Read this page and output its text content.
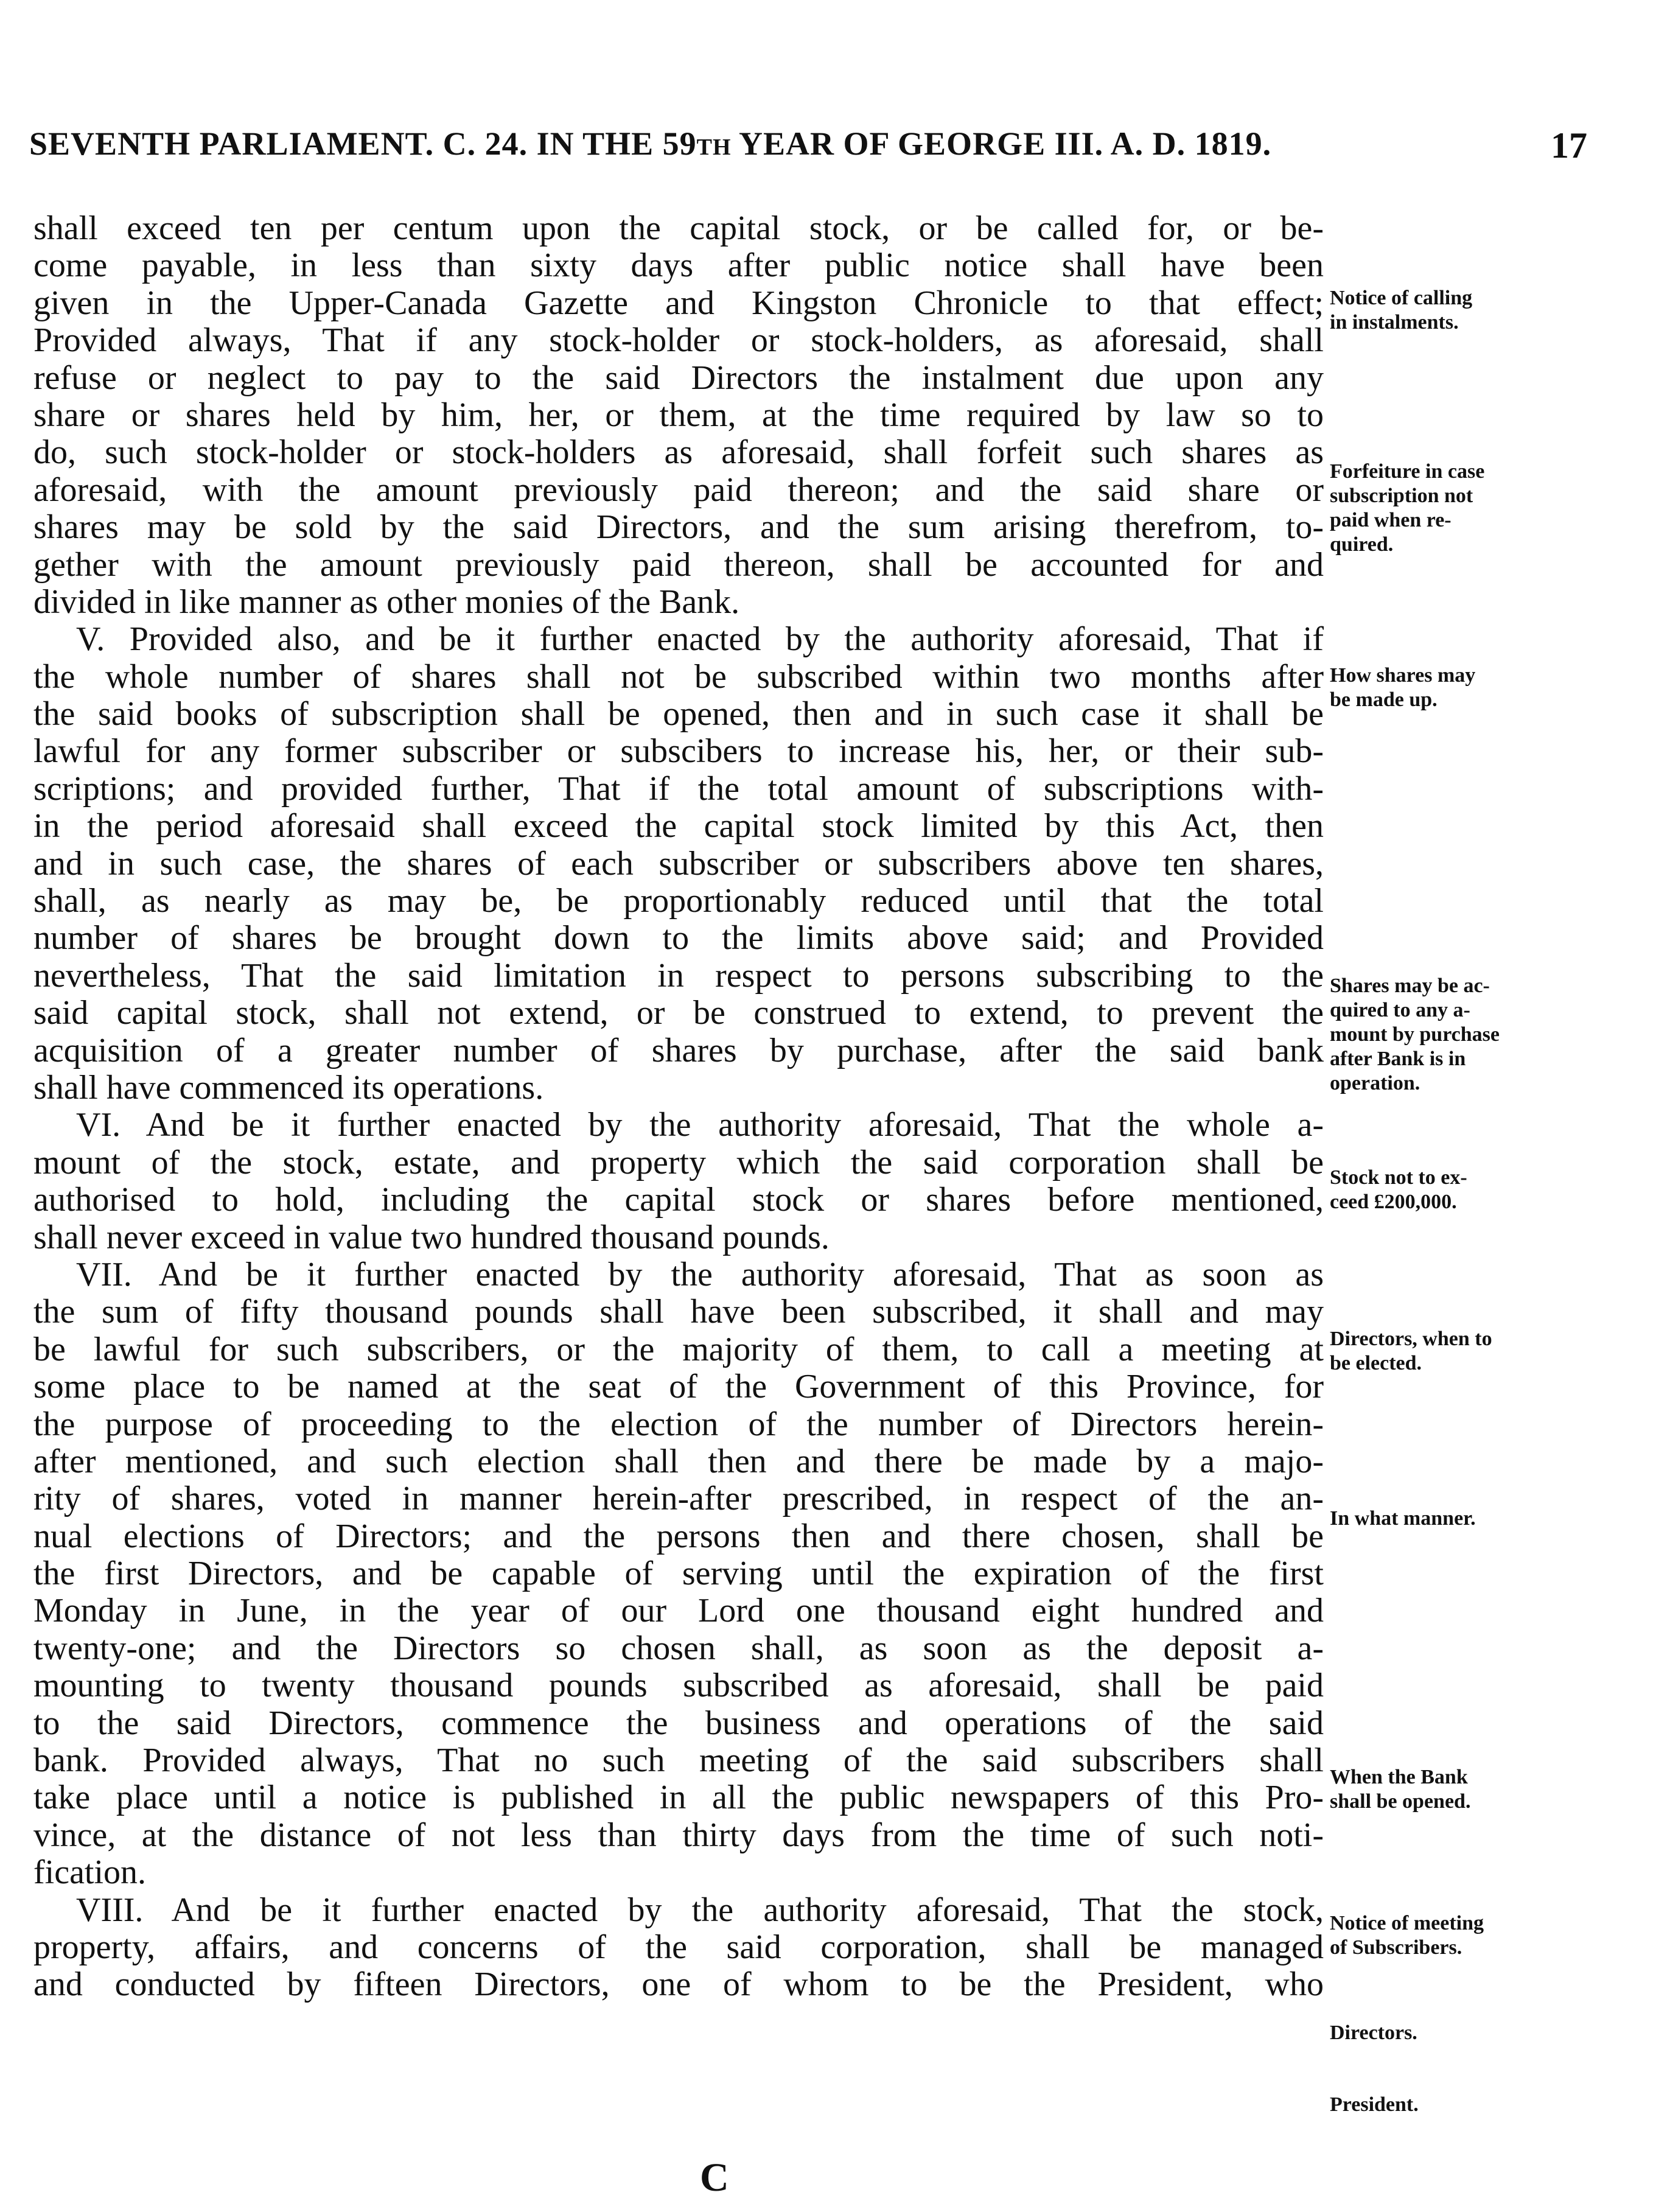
SEVENTH PARLIAMENT. C. 24. IN THE 59th YEAR OF GEORGE III. A. D. 1819.	17
shall exceed ten per centum upon the capital stock, or be called for, or be-
come payable, in less than sixty days after public notice shall have been
given in the Upper-Canada Gazette and Kingston Chronicle to that effect;
Provided always, That if any stock-holder or stock-holders, as aforesaid, shall
refuse or neglect to pay to the said Directors the instalment due upon any
share or shares held by him, her, or them, at the time required by law so to
do, such stock-holder or stock-holders as aforesaid, shall forfeit such shares as
aforesaid, with the amount previously paid thereon; and the said share or
shares may be sold by the said Directors, and the sum arising therefrom, to-
gether with the amount previously paid thereon, shall be accounted for and
divided in like manner as other monies of the Bank.
V. Provided also, and be it further enacted by the authority aforesaid, That if
the whole number of shares shall not be subscribed within two months after
the said books of subscription shall be opened, then and in such case it shall be
lawful for any former subscriber or subscibers to increase his, her, or their sub-
scriptions; and provided further, That if the total amount of subscriptions with-
in the period aforesaid shall exceed the capital stock limited by this Act, then
and in such case, the shares of each subscriber or subscribers above ten shares,
shall, as nearly as may be, be proportionably reduced until that the total
number of shares be brought down to the limits above said; and Provided
nevertheless, That the said limitation in respect to persons subscribing to the
said capital stock, shall not extend, or be construed to extend, to prevent the
acquisition of a greater number of shares by purchase, after the said bank
shall have commenced its operations.
VI. And be it further enacted by the authority aforesaid, That the whole a-
mount of the stock, estate, and property which the said corporation shall be
authorised to hold, including the capital stock or shares before mentioned,
shall never exceed in value two hundred thousand pounds.
VII. And be it further enacted by the authority aforesaid, That as soon as
the sum of fifty thousand pounds shall have been subscribed, it shall and may
be lawful for such subscribers, or the majority of them, to call a meeting at
some place to be named at the seat of the Government of this Province, for
the purpose of proceeding to the election of the number of Directors herein-
after mentioned, and such election shall then and there be made by a majo-
rity of shares, voted in manner herein-after prescribed, in respect of the an-
nual elections of Directors; and the persons then and there chosen, shall be
the first Directors, and be capable of serving until the expiration of the first
Monday in June, in the year of our Lord one thousand eight hundred and
twenty-one; and the Directors so chosen shall, as soon as the deposit a-
mounting to twenty thousand pounds subscribed as aforesaid, shall be paid
to the said Directors, commence the business and operations of the said
bank. Provided always, That no such meeting of the said subscribers shall
take place until a notice is published in all the public newspapers of this Pro-
vince, at the distance of not less than thirty days from the time of such noti-
fication.
VIII. And be it further enacted by the authority aforesaid, That the stock,
property, affairs, and concerns of the said corporation, shall be managed
and conducted by fifteen Directors, one of whom to be the President, who
Notice of calling
in instalments.
Forfeiture in case
subscription not
paid when re-
quired.
How shares may
be made up.
Shares may be ac-
quired to any a-
mount by purchase
after Bank is in
operation.
Stock not to ex-
ceed £200,000.
Directors, when to
be elected.
In what manner.
When the Bank
shall be opened.
Notice of meeting
of Subscribers.
Directors.
President.
C
